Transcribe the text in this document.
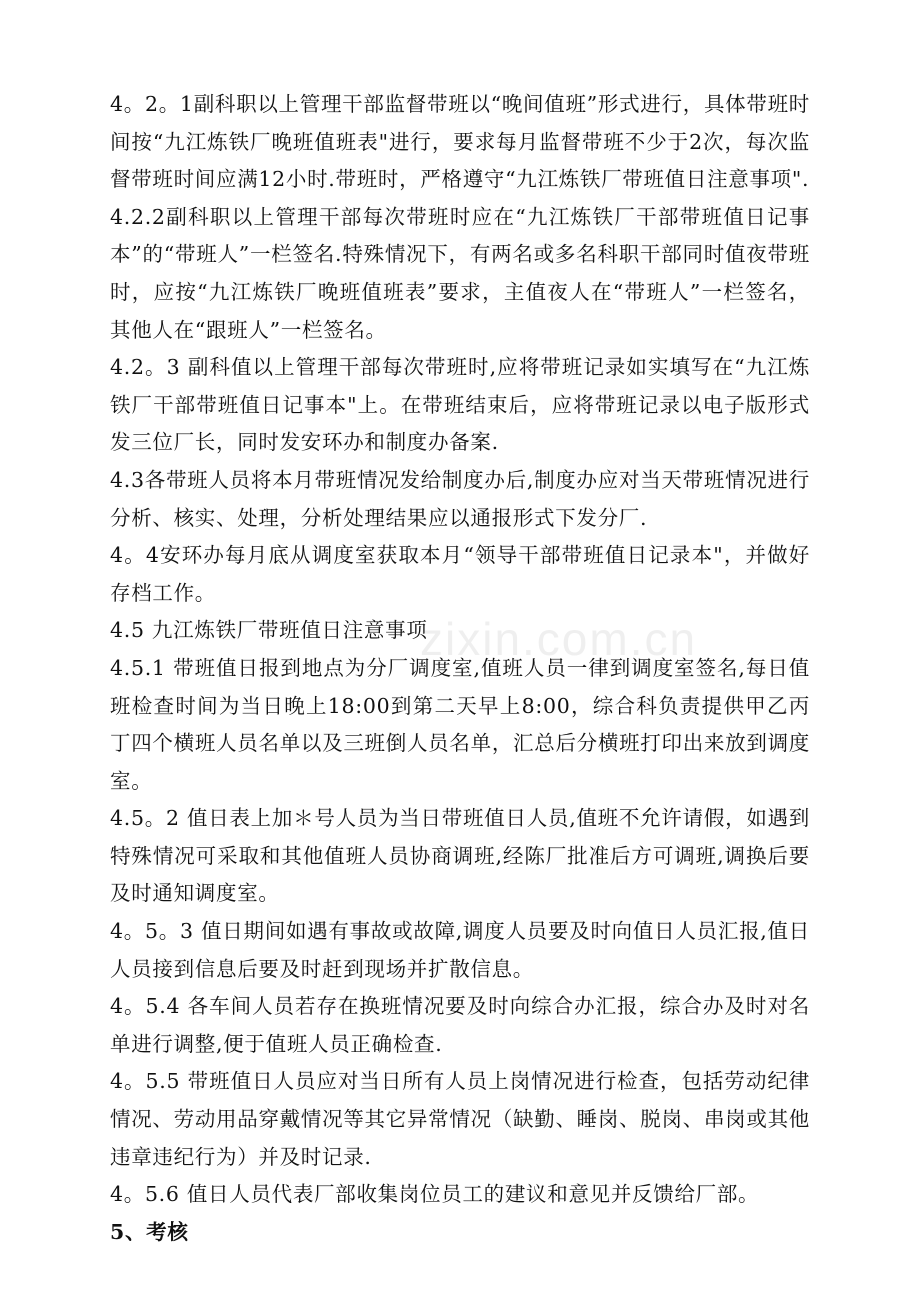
4。2。1副科职以上管理干部监督带班以“晚间值班”形式进行，具体带班时间按“九江炼铁厂晚班值班表"进行，要求每月监督带班不少于2次，每次监督带班时间应满12小时.带班时，严格遵守“九江炼铁厂带班值日注意事项".

4.2.2副科职以上管理干部每次带班时应在“九江炼铁厂干部带班值日记事本”的“带班人”一栏签名.特殊情况下，有两名或多名科职干部同时值夜带班时，应按“九江炼铁厂晚班值班表”要求，主值夜人在“带班人”一栏签名，其他人在“跟班人”一栏签名。

4.2。3 副科值以上管理干部每次带班时,应将带班记录如实填写在“九江炼铁厂干部带班值日记事本"上。在带班结束后，应将带班记录以电子版形式发三位厂长，同时发安环办和制度办备案.

4.3各带班人员将本月带班情况发给制度办后,制度办应对当天带班情况进行分析、核实、处理，分析处理结果应以通报形式下发分厂.

4。4安环办每月底从调度室获取本月“领导干部带班值日记录本"，并做好存档工作。

4.5 九江炼铁厂带班值日注意事项

4.5.1 带班值日报到地点为分厂调度室,值班人员一律到调度室签名,每日值班检查时间为当日晚上18:00到第二天早上8:00，综合科负责提供甲乙丙丁四个横班人员名单以及三班倒人员名单，汇总后分横班打印出来放到调度室。

4.5。2 值日表上加＊号人员为当日带班值日人员,值班不允许请假，如遇到特殊情况可采取和其他值班人员协商调班,经陈厂批准后方可调班,调换后要及时通知调度室。

4。5。3 值日期间如遇有事故或故障,调度人员要及时向值日人员汇报,值日人员接到信息后要及时赶到现场并扩散信息。

4。5.4 各车间人员若存在换班情况要及时向综合办汇报，综合办及时对名单进行调整,便于值班人员正确检查.

4。5.5 带班值日人员应对当日所有人员上岗情况进行检查，包括劳动纪律情况、劳动用品穿戴情况等其它异常情况（缺勤、睡岗、脱岗、串岗或其他违章违纪行为）并及时记录.

4。5.6 值日人员代表厂部收集岗位员工的建议和意见并反馈给厂部。

5、考核

zixin.com.cn
